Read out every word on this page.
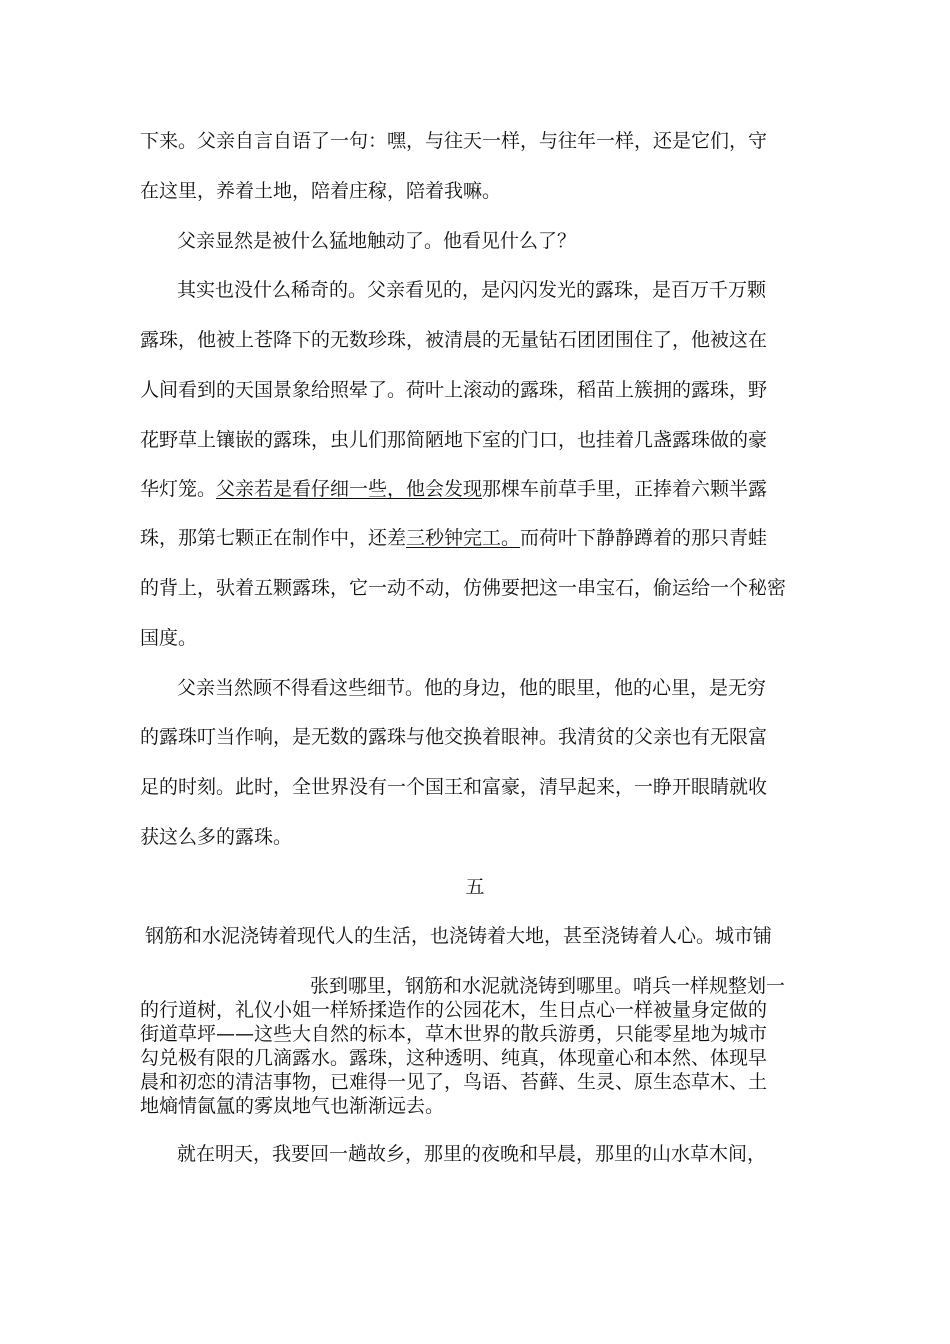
下来。父亲自言自语了一句：嘿，与往天一样，与往年一样，还是它们，守

在这里，养着土地，陪着庄稼，陪着我嘛。

父亲显然是被什么猛地触动了。他看见什么了？

其实也没什么稀奇的。父亲看见的，是闪闪发光的露珠，是百万千万颗

露珠，他被上苍降下的无数珍珠，被清晨的无量钻石团团围住了，他被这在

人间看到的天国景象给照晕了。荷叶上滚动的露珠，稻苗上簇拥的露珠，野

花野草上镶嵌的露珠，虫儿们那简陋地下室的门口，也挂着几盏露珠做的豪

华灯笼。父亲若是看仔细一些，他会发现那棵车前草手里，正捧着六颗半露

珠，那第七颗正在制作中，还差三秒钟完工。而荷叶下静静蹲着的那只青蛙

的背上，驮着五颗露珠，它一动不动，仿佛要把这一串宝石，偷运给一个秘密

国度。

父亲当然顾不得看这些细节。他的身边，他的眼里，他的心里，是无穷

的露珠叮当作响，是无数的露珠与他交换着眼神。我清贫的父亲也有无限富

足的时刻。此时，全世界没有一个国王和富豪，清早起来，一睁开眼睛就收

获这么多的露珠。

五

钢筋和水泥浇铸着现代人的生活，也浇铸着大地，甚至浇铸着人心。城市铺

张到哪里，钢筋和水泥就浇铸到哪里。哨兵一样规整划一

的行道树，礼仪小姐一样矫揉造作的公园花木，生日点心一样被量身定做的
街道草坪——这些大自然的标本，草木世界的散兵游勇，只能零星地为城市
勾兑极有限的几滴露水。露珠，这种透明、纯真，体现童心和本然、体现早
晨和初恋的清洁事物，已难得一见了，鸟语、苔藓、生灵、原生态草木、土
地熵情氤氲的雾岚地气也渐渐远去。

就在明天，我要回一趟故乡，那里的夜晚和早晨，那里的山水草木间，
